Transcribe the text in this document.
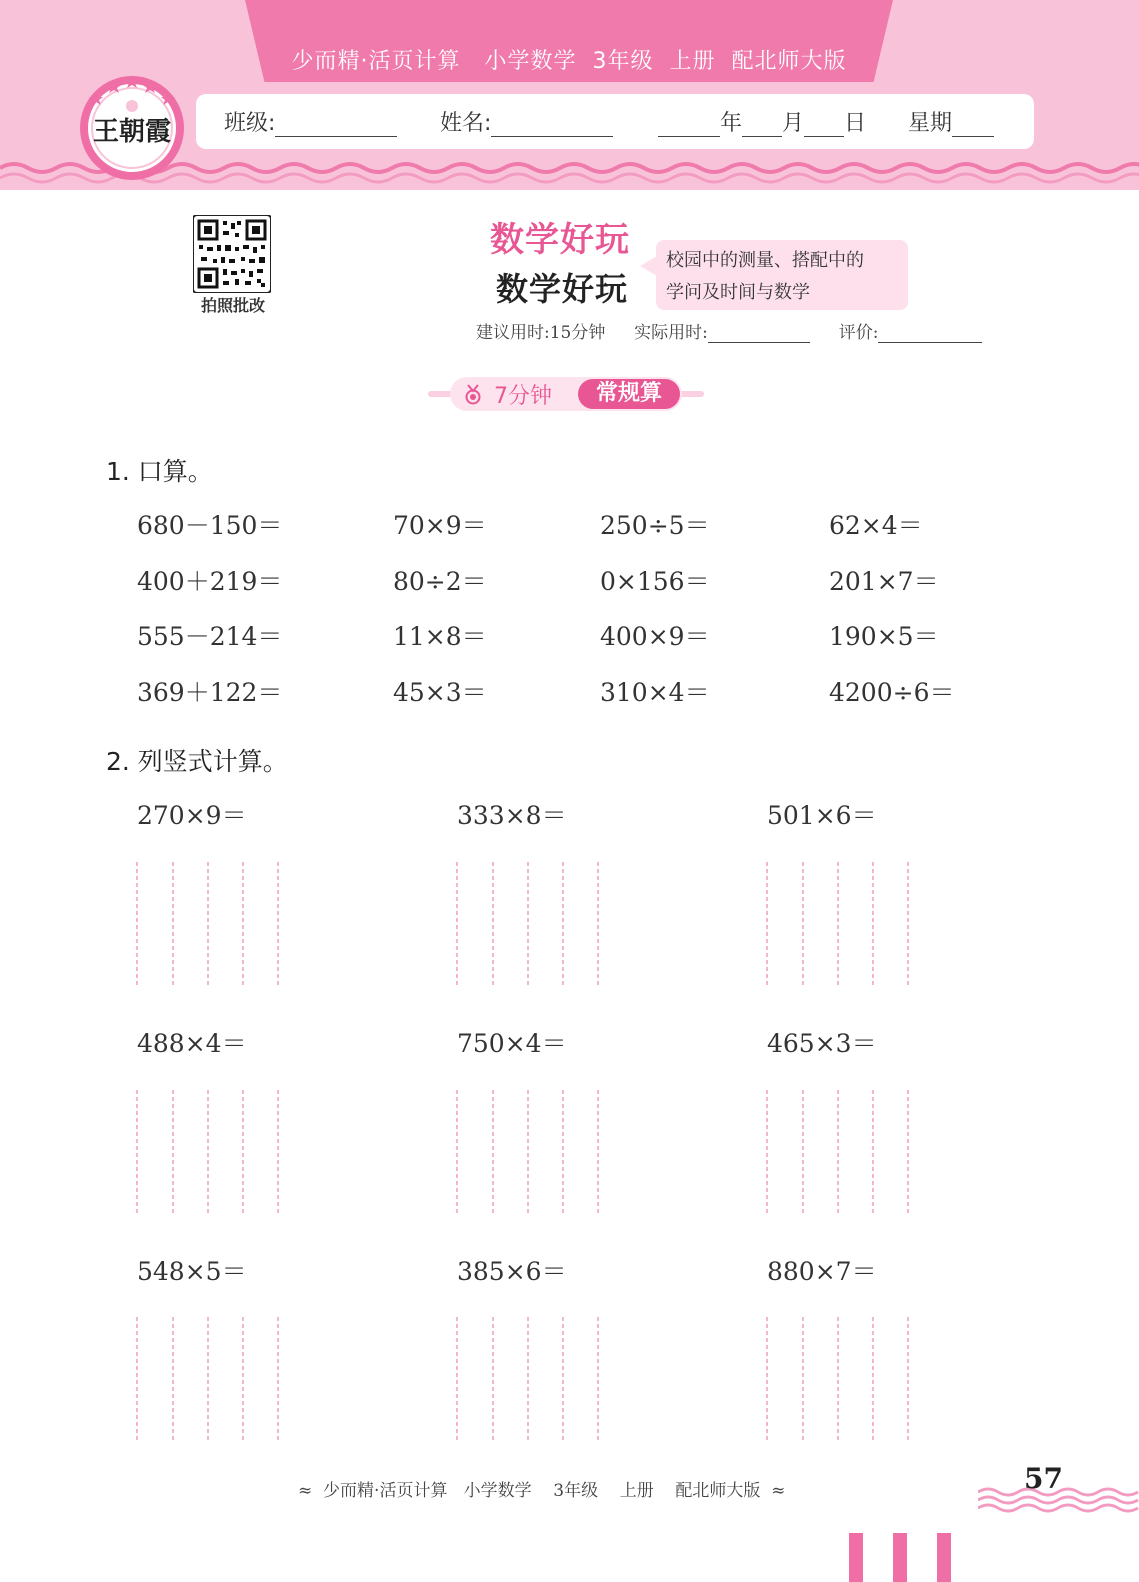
少而精·活页计算   小学数学  3年级  上册  配北师大版
班级:	姓名:	年 月 日 星期
王朝霞
拍照批改
数学好玩
数学好玩
校园中的测量、搭配中的
学问及时间与数学
建议用时:15分钟 实际用时:	评价:
7分钟	常规算
1. 口算。
680－150＝	70×9＝	250÷5＝	62×4＝
400＋219＝	80÷2＝	0×156＝	201×7＝
555－214＝	11×8＝	400×9＝	190×5＝
369＋122＝	45×3＝	310×4＝	4200÷6＝
2. 列竖式计算。
270×9＝	333×8＝	501×6＝
488×4＝	750×4＝	465×3＝
548×5＝	385×6＝	880×7＝
≈  少而精·活页计算   小学数学    3年级    上册    配北师大版  ≈	57
